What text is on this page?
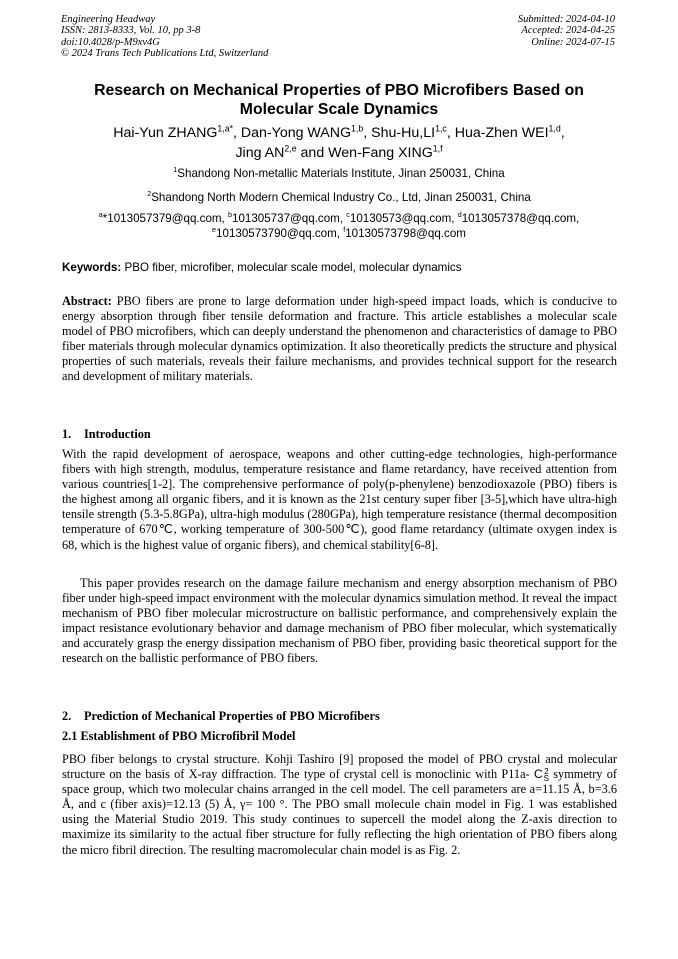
Engineering Headway
ISSN: 2813-8333, Vol. 10, pp 3-8
doi:10.4028/p-M9xv4G
© 2024 Trans Tech Publications Ltd, Switzerland
Submitted: 2024-04-10
Accepted: 2024-04-25
Online: 2024-07-15
Research on Mechanical Properties of PBO Microfibers Based on Molecular Scale Dynamics
Hai-Yun $ZHANG^{1,a*}$, Dan-Yong WANG$^{1,b}$, Shu-Hu,LI$^{1,c}$, Hua-Zhen WEI$^{1,d}$,
Jing AN$^{2,e}$ and Wen-Fang XING$^{1,f}$
$^1$Shandong Non-metallic Materials Institute, Jinan 250031, China
$^2$Shandong North Modern Chemical Industry Co., Ltd, Jinan 250031, China
$^a$*1013057379@qq.com, $^b$101305737@qq.com, $^c$10130573@qq.com, $^d$1013057378@qq.com,
$^e$10130573790@qq.com, $^f$10130573798@qq.com
Keywords: PBO fiber, microfiber, molecular scale model, molecular dynamics
Abstract: PBO fibers are prone to large deformation under high-speed impact loads, which is conducive to energy absorption through fiber tensile deformation and fracture. This article establishes a molecular scale model of PBO microfibers, which can deeply understand the phenomenon and characteristics of damage to PBO fiber materials through molecular dynamics optimization. It also theoretically predicts the structure and physical properties of such materials, reveals their failure mechanisms, and provides technical support for the research and development of military materials.
1. Introduction
With the rapid development of aerospace, weapons and other cutting-edge technologies, high-performance fibers with high strength, modulus, temperature resistance and flame retardancy, have received attention from various countries[1-2]. The comprehensive performance of poly(p-phenylene) benzodioxazole (PBO) fibers is the highest among all organic fibers, and it is known as the 21st century super fiber [3-5],which have ultra-high tensile strength (5.3-5.8GPa), ultra-high modulus (280GPa), high temperature resistance (thermal decomposition temperature of 670℃, working temperature of 300-500℃), good flame retardancy (ultimate oxygen index is 68, which is the highest value of organic fibers), and chemical stability[6-8].
This paper provides research on the damage failure mechanism and energy absorption mechanism of PBO fiber under high-speed impact environment with the molecular dynamics simulation method. It reveal the impact mechanism of PBO fiber molecular microstructure on ballistic performance, and comprehensively explain the impact resistance evolutionary behavior and damage mechanism of PBO fiber molecular, which systematically and accurately grasp the energy dissipation mechanism of PBO fiber, providing basic theoretical support for the research on the ballistic performance of PBO fibers.
2. Prediction of Mechanical Properties of PBO Microfibers
2.1 Establishment of PBO Microfibril Model
PBO fiber belongs to crystal structure. Kohji Tashiro [9] proposed the model of PBO crystal and molecular structure on the basis of X-ray diffraction. The type of crystal cell is monoclinic with P11a- C 2
S symmetry of space group, which two molecular chains arranged in the cell model. The cell parameters are a=11.15 Å, b=3.6 Å, and c (fiber axis)=12.13 (5) Å, γ= 100 °. The PBO small molecule chain model in Fig. 1 was established using the Material Studio 2019. This study continues to supercell the model along the Z-axis direction to maximize its similarity to the actual fiber structure for fully reflecting the high orientation of PBO fibers along the micro fibril direction. The resulting macromolecular chain model is as Fig. 2.
